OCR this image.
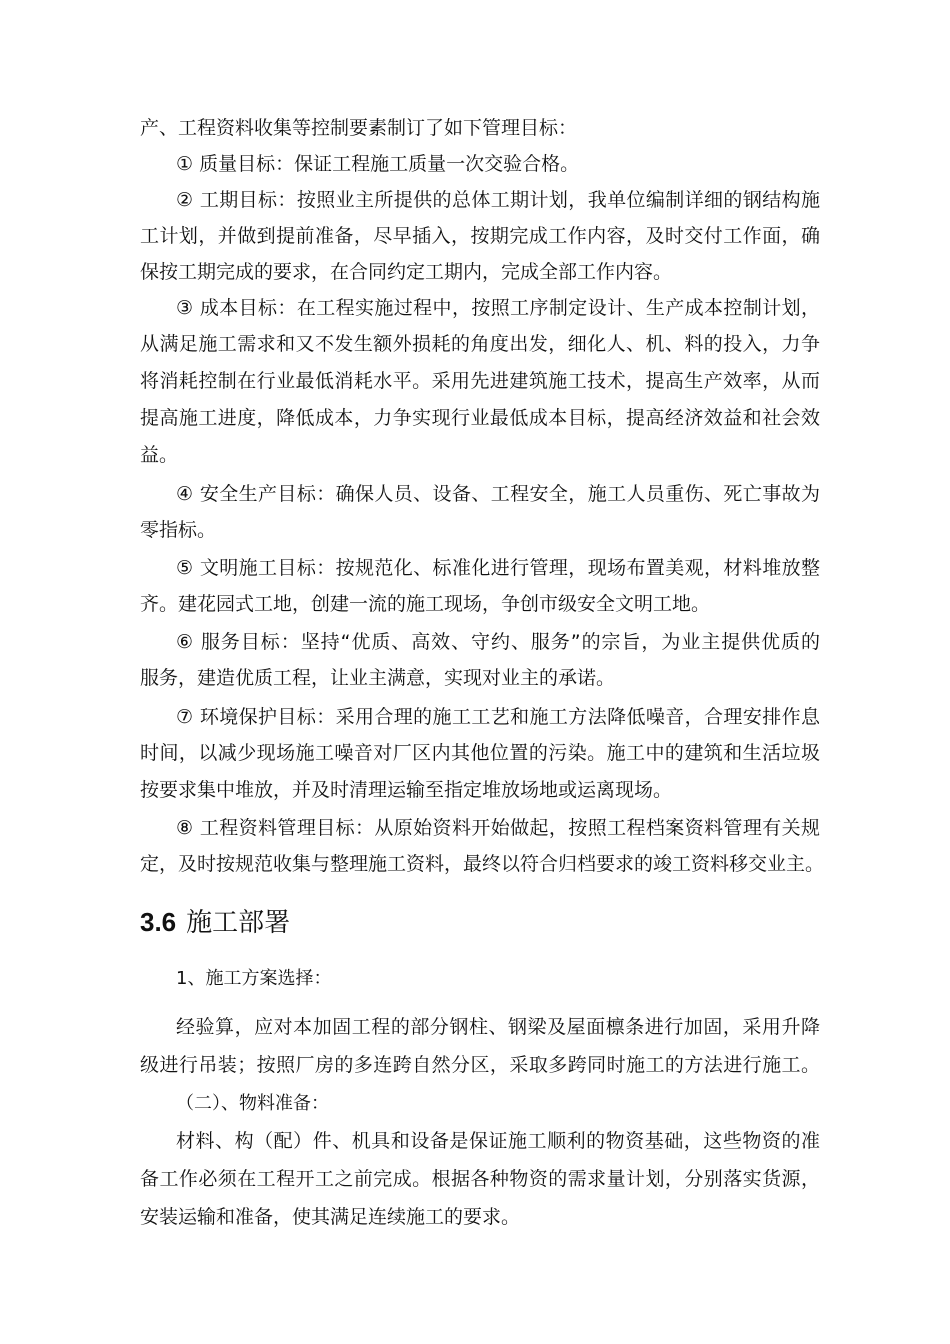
产、工程资料收集等控制要素制订了如下管理目标：
① 质量目标：保证工程施工质量一次交验合格。
② 工期目标：按照业主所提供的总体工期计划，我单位编制详细的钢结构施
工计划，并做到提前准备，尽早插入，按期完成工作内容，及时交付工作面，确
保按工期完成的要求，在合同约定工期内，完成全部工作内容。
③ 成本目标：在工程实施过程中，按照工序制定设计、生产成本控制计划，
从满足施工需求和又不发生额外损耗的角度出发，细化人、机、料的投入，力争
将消耗控制在行业最低消耗水平。采用先进建筑施工技术，提高生产效率，从而
提高施工进度，降低成本，力争实现行业最低成本目标，提高经济效益和社会效
益。
④ 安全生产目标：确保人员、设备、工程安全，施工人员重伤、死亡事故为
零指标。
⑤ 文明施工目标：按规范化、标准化进行管理，现场布置美观，材料堆放整
齐。建花园式工地，创建一流的施工现场，争创市级安全文明工地。
⑥ 服务目标：坚持“优质、高效、守约、服务”的宗旨，为业主提供优质的
服务，建造优质工程，让业主满意，实现对业主的承诺。
⑦ 环境保护目标：采用合理的施工工艺和施工方法降低噪音，合理安排作息
时间，以减少现场施工噪音对厂区内其他位置的污染。施工中的建筑和生活垃圾
按要求集中堆放，并及时清理运输至指定堆放场地或运离现场。
⑧ 工程资料管理目标：从原始资料开始做起，按照工程档案资料管理有关规
定，及时按规范收集与整理施工资料，最终以符合归档要求的竣工资料移交业主。
3.6 施工部署
1、施工方案选择：
经验算，应对本加固工程的部分钢柱、钢梁及屋面檩条进行加固，采用升降
级进行吊装；按照厂房的多连跨自然分区，采取多跨同时施工的方法进行施工。
（二）、物料准备：
材料、构（配）件、机具和设备是保证施工顺利的物资基础，这些物资的准
备工作必须在工程开工之前完成。根据各种物资的需求量计划，分别落实货源，
安装运输和准备，使其满足连续施工的要求。
